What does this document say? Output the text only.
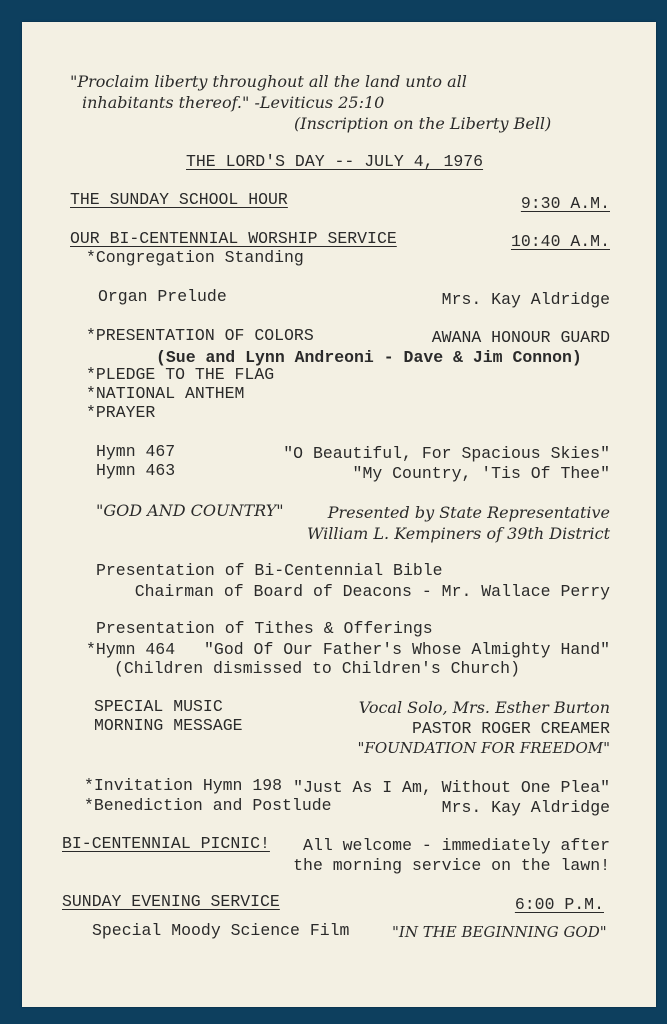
"Proclaim liberty throughout all the land unto all
inhabitants thereof." -Leviticus 25:10
(Inscription on the Liberty Bell)
THE LORD'S DAY -- JULY 4, 1976
THE SUNDAY SCHOOL HOUR	9:30 A.M.
OUR BI-CENTENNIAL WORSHIP SERVICE	10:40 A.M.
*Congregation Standing
Organ Prelude	Mrs. Kay Aldridge
*PRESENTATION OF COLORS	AWANA HONOUR GUARD
(Sue and Lynn Andreoni - Dave & Jim Connon)
*PLEDGE TO THE FLAG
*NATIONAL ANTHEM
*PRAYER
Hymn 467	"O Beautiful, For Spacious Skies"
Hymn 463	"My Country, 'Tis Of Thee"
"GOD AND COUNTRY"	Presented by State Representative
William L. Kempiners of 39th District
Presentation of Bi-Centennial Bible
Chairman of Board of Deacons - Mr. Wallace Perry
Presentation of Tithes & Offerings
*Hymn 464 "God Of Our Father's Whose Almighty Hand"
(Children dismissed to Children's Church)
SPECIAL MUSIC	Vocal Solo, Mrs. Esther Burton
MORNING MESSAGE	PASTOR ROGER CREAMER
"FOUNDATION FOR FREEDOM"
*Invitation Hymn 198 "Just As I Am, Without One Plea"
*Benediction and Postlude	Mrs. Kay Aldridge
BI-CENTENNIAL PICNIC! All welcome - immediately after
the morning service on the lawn!
SUNDAY EVENING SERVICE	6:00 P.M.
Special Moody Science Film	"IN THE BEGINNING GOD"
